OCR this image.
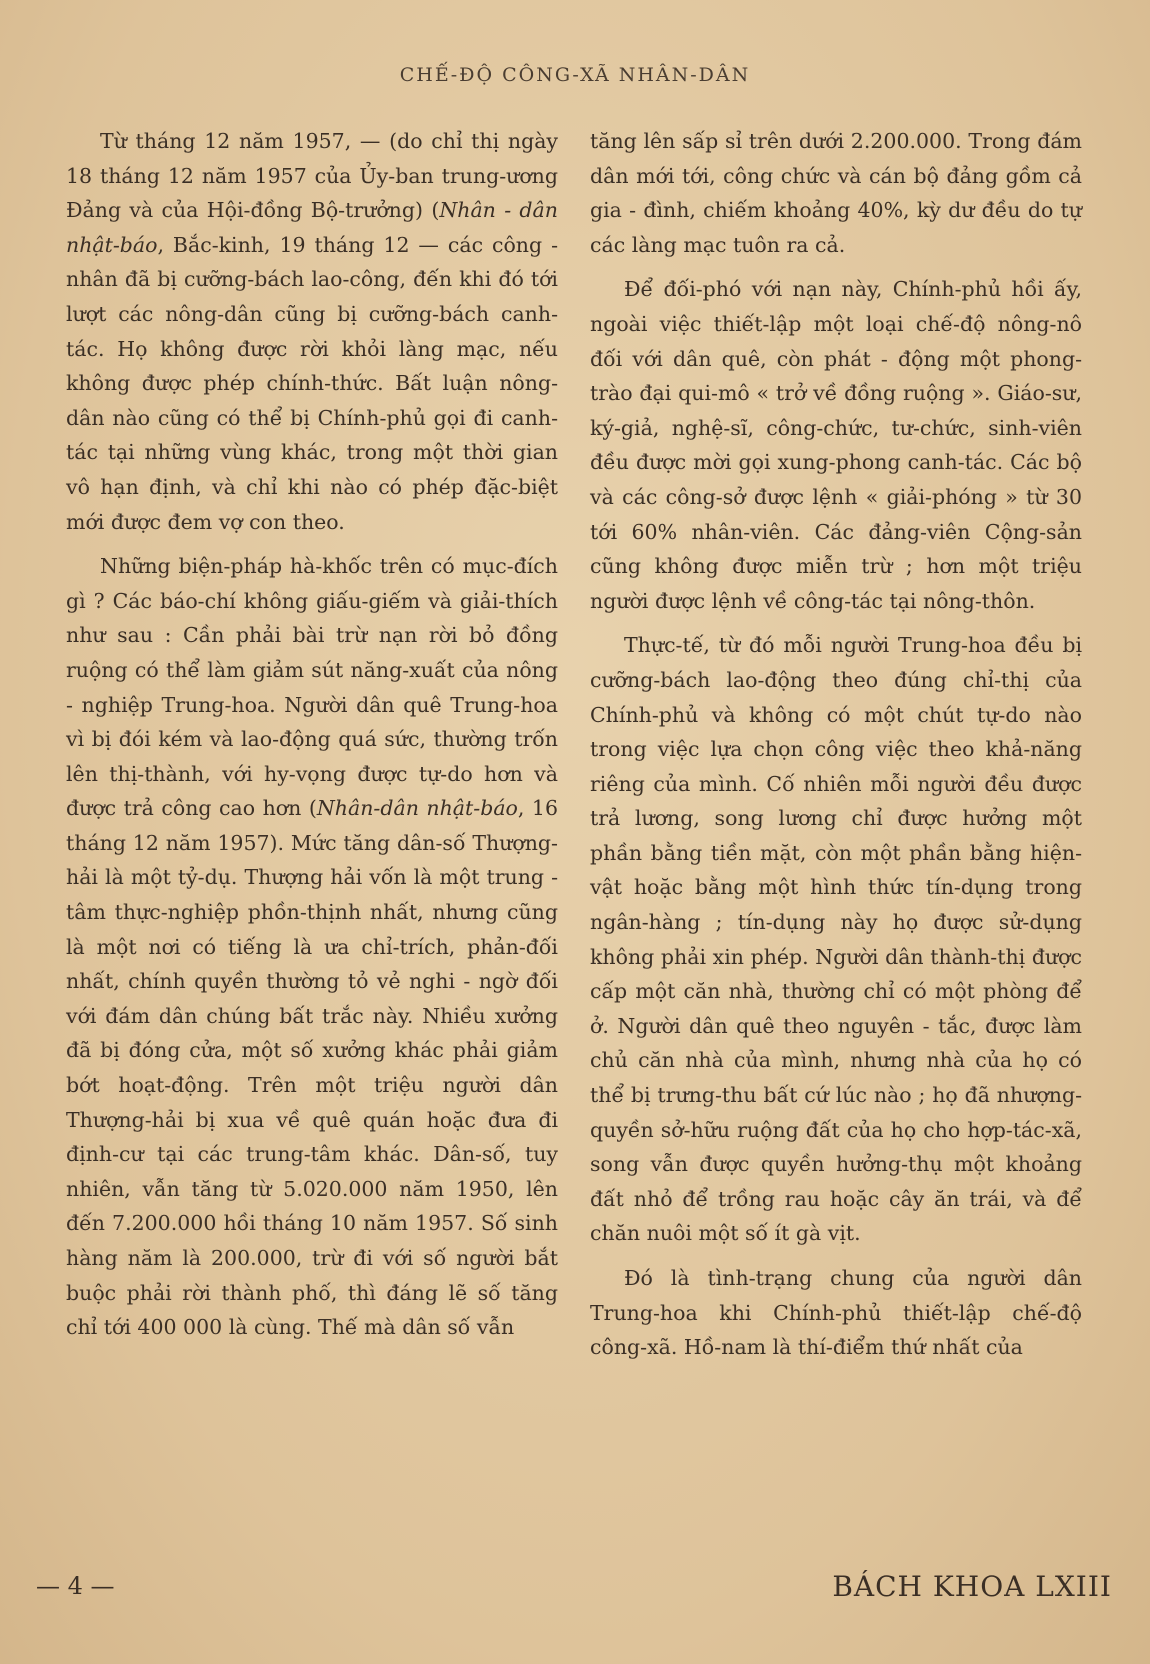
CHẾ-ĐỘ CÔNG-XÃ NHÂN-DÂN

Từ tháng 12 năm 1957, — (do chỉ thị ngày 18 tháng 12 năm 1957 của Ủy-ban trung-ương Đảng và của Hội-đồng Bộ-trưởng) (Nhân - dân nhật-báo, Bắc-kinh, 19 tháng 12 — các công - nhân đã bị cưỡng-bách lao-công, đến khi đó tới lượt các nông-dân cũng bị cưỡng-bách canh-tác. Họ không được rời khỏi làng mạc, nếu không được phép chính-thức. Bất luận nông-dân nào cũng có thể bị Chính-phủ gọi đi canh-tác tại những vùng khác, trong một thời gian vô hạn định, và chỉ khi nào có phép đặc-biệt mới được đem vợ con theo.

Những biện-pháp hà-khốc trên có mục-đích gì ? Các báo-chí không giấu-giếm và giải-thích như sau : Cần phải bài trừ nạn rời bỏ đồng ruộng có thể làm giảm sút năng-xuất của nông - nghiệp Trung-hoa. Người dân quê Trung-hoa vì bị đói kém và lao-động quá sức, thường trốn lên thị-thành, với hy-vọng được tự-do hơn và được trả công cao hơn (Nhân-dân nhật-báo, 16 tháng 12 năm 1957). Mức tăng dân-số Thượng-hải là một tỷ-dụ. Thượng hải vốn là một trung - tâm thực-nghiệp phồn-thịnh nhất, nhưng cũng là một nơi có tiếng là ưa chỉ-trích, phản-đối nhất, chính quyền thường tỏ vẻ nghi - ngờ đối với đám dân chúng bất trắc này. Nhiều xưởng đã bị đóng cửa, một số xưởng khác phải giảm bớt hoạt-động. Trên một triệu người dân Thượng-hải bị xua về quê quán hoặc đưa đi định-cư tại các trung-tâm khác. Dân-số, tuy nhiên, vẫn tăng từ 5.020.000 năm 1950, lên đến 7.200.000 hồi tháng 10 năm 1957. Số sinh hàng năm là 200.000, trừ đi với số người bắt buộc phải rời thành phố, thì đáng lẽ số tăng chỉ tới 400 000 là cùng. Thế mà dân số vẫn

tăng lên sấp sỉ trên dưới 2.200.000. Trong đám dân mới tới, công chức và cán bộ đảng gồm cả gia - đình, chiếm khoảng 40%, kỳ dư đều do tự các làng mạc tuôn ra cả.

Để đối-phó với nạn này, Chính-phủ hồi ấy, ngoài việc thiết-lập một loại chế-độ nông-nô đối với dân quê, còn phát - động một phong-trào đại qui-mô « trở về đồng ruộng ». Giáo-sư, ký-giả, nghệ-sĩ, công-chức, tư-chức, sinh-viên đều được mời gọi xung-phong canh-tác. Các bộ và các công-sở được lệnh « giải-phóng » từ 30 tới 60% nhân-viên. Các đảng-viên Cộng-sản cũng không được miễn trừ ; hơn một triệu người được lệnh về công-tác tại nông-thôn.

Thực-tế, từ đó mỗi người Trung-hoa đều bị cưỡng-bách lao-động theo đúng chỉ-thị của Chính-phủ và không có một chút tự-do nào trong việc lựa chọn công việc theo khả-năng riêng của mình. Cố nhiên mỗi người đều được trả lương, song lương chỉ được hưởng một phần bằng tiền mặt, còn một phần bằng hiện-vật hoặc bằng một hình thức tín-dụng trong ngân-hàng ; tín-dụng này họ được sử-dụng không phải xin phép. Người dân thành-thị được cấp một căn nhà, thường chỉ có một phòng để ở. Người dân quê theo nguyên - tắc, được làm chủ căn nhà của mình, nhưng nhà của họ có thể bị trưng-thu bất cứ lúc nào ; họ đã nhượng-quyền sở-hữu ruộng đất của họ cho hợp-tác-xã, song vẫn được quyền hưởng-thụ một khoảng đất nhỏ để trồng rau hoặc cây ăn trái, và để chăn nuôi một số ít gà vịt.

Đó là tình-trạng chung của người dân Trung-hoa khi Chính-phủ thiết-lập chế-độ công-xã. Hồ-nam là thí-điểm thứ nhất của

— 4 —	BÁCH KHOA LXIII
